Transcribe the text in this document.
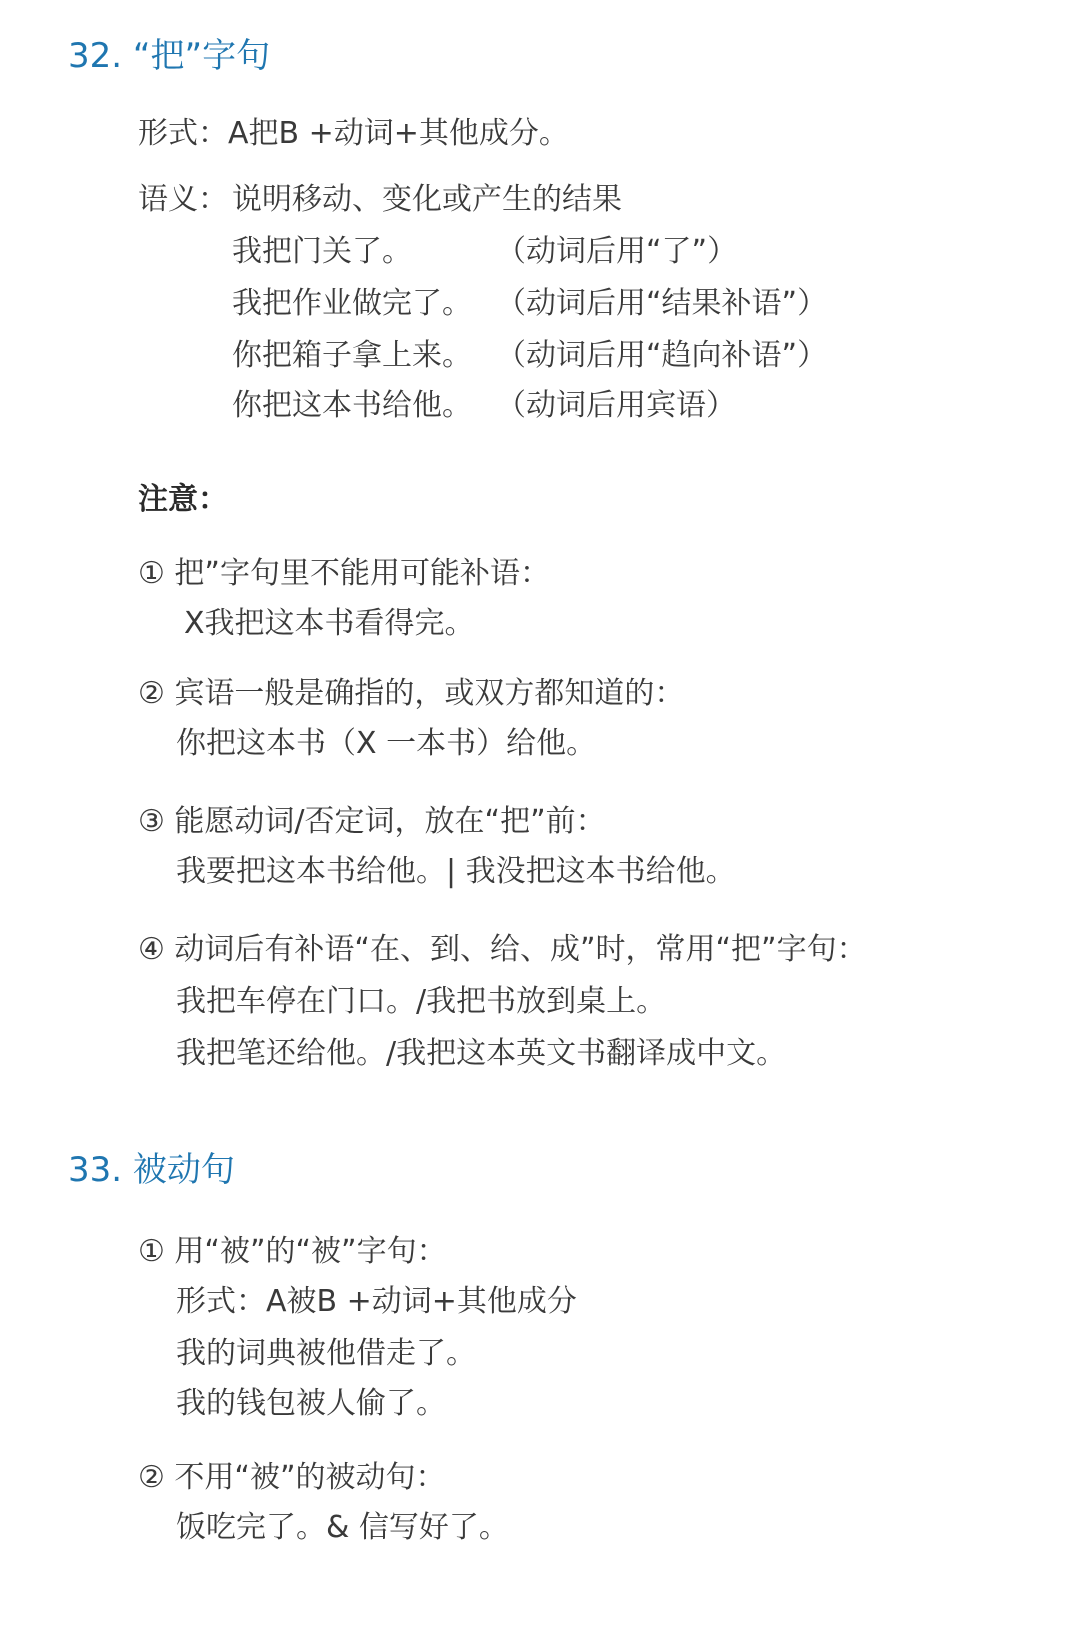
32. “把”字句
形式：A把B +动词+其他成分。
语义： 说明移动、变化或产生的结果
我把门关了。	（动词后用“了”）
我把作业做完了。 （动词后用“结果补语”）
你把箱子拿上来。 （动词后用“趋向补语”）
你把这本书给他。 （动词后用宾语）
注意：
① 把”字句里不能用可能补语：
X我把这本书看得完。
② 宾语一般是确指的，或双方都知道的：
你把这本书（X 一本书）给他。
③ 能愿动词/否定词，放在“把”前：
我要把这本书给他。| 我没把这本书给他。
④ 动词后有补语“在、到、给、成”时，常用“把”字句：
我把车停在门口。/我把书放到桌上。
我把笔还给他。/我把这本英文书翻译成中文。
33. 被动句
① 用“被”的“被”字句：
形式：A被B +动词+其他成分
我的词典被他借走了。
我的钱包被人偷了。
② 不用“被”的被动句：
饭吃完了。& 信写好了。
